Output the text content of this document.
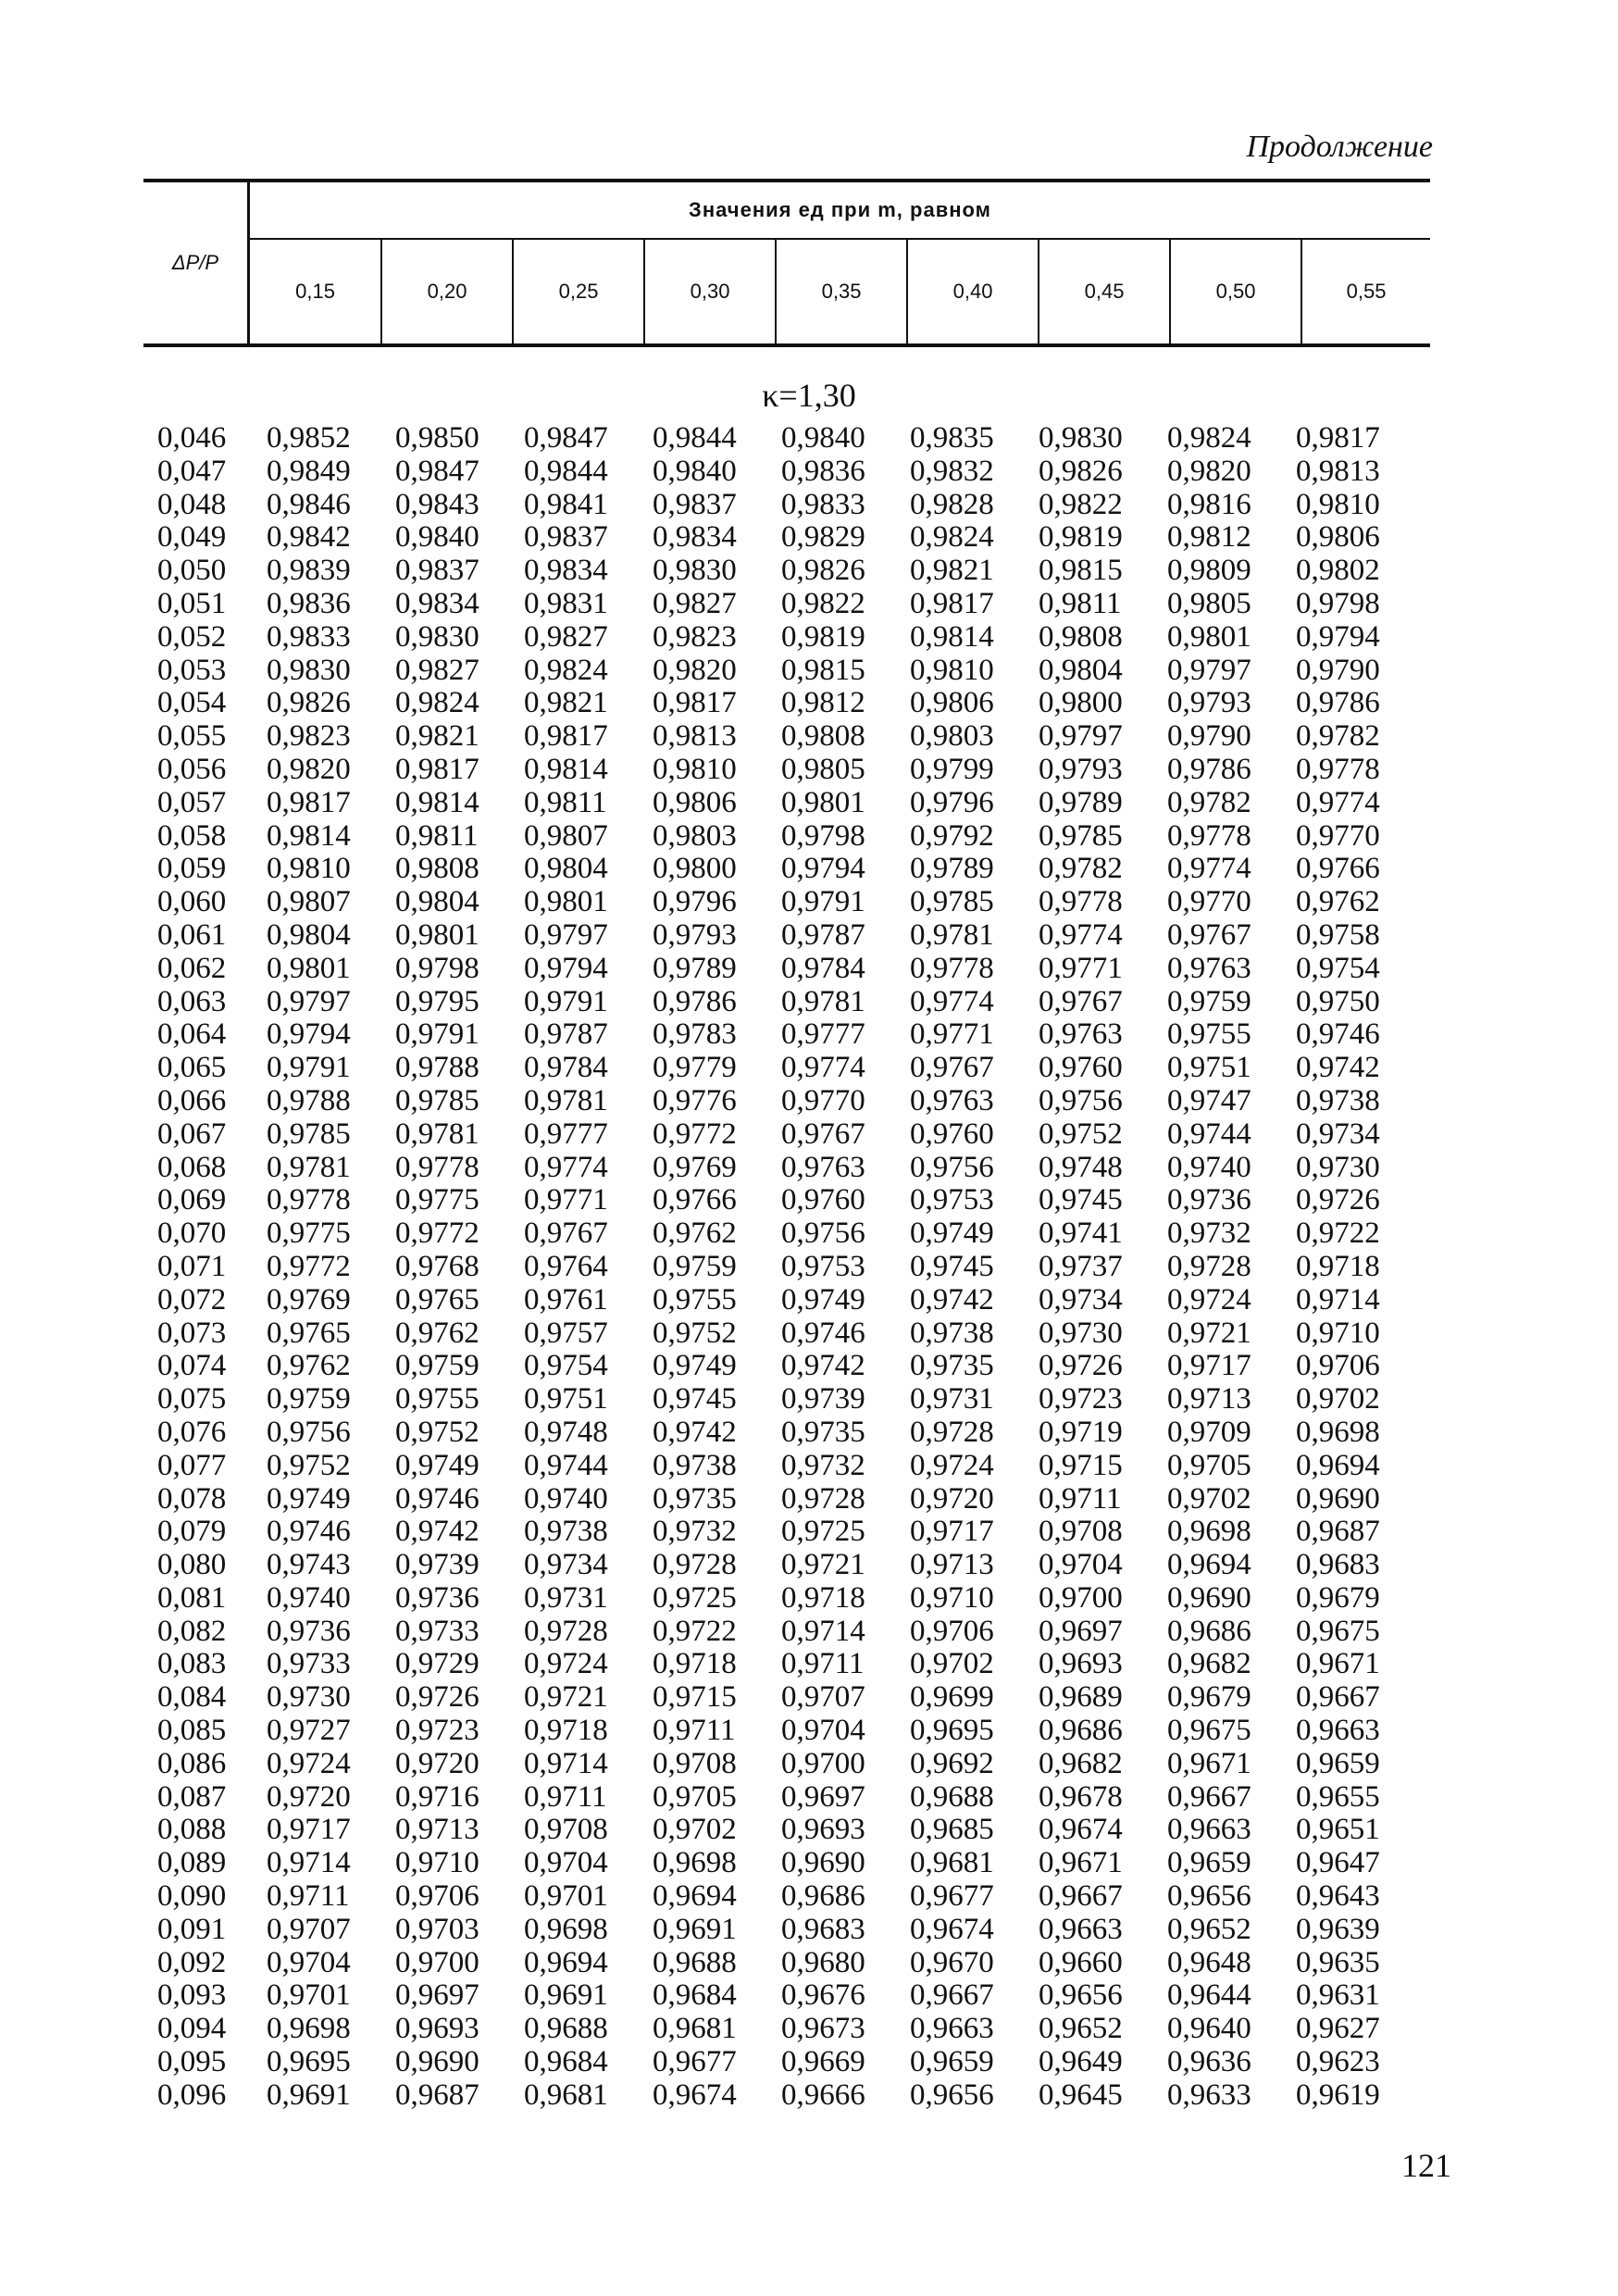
Продолжение
ΔP/P	Значения eд при m, равном								
	0,15	0,20	0,25	0,30	0,35	0,40	0,45	0,50	0,55
κ=1,30
0,046	0,9852	0,9850	0,9847	0,9844	0,9840	0,9835	0,9830	0,9824	0,9817
0,047	0,9849	0,9847	0,9844	0,9840	0,9836	0,9832	0,9826	0,9820	0,9813
0,048	0,9846	0,9843	0,9841	0,9837	0,9833	0,9828	0,9822	0,9816	0,9810
0,049	0,9842	0,9840	0,9837	0,9834	0,9829	0,9824	0,9819	0,9812	0,9806
0,050	0,9839	0,9837	0,9834	0,9830	0,9826	0,9821	0,9815	0,9809	0,9802
0,051	0,9836	0,9834	0,9831	0,9827	0,9822	0,9817	0,9811	0,9805	0,9798
0,052	0,9833	0,9830	0,9827	0,9823	0,9819	0,9814	0,9808	0,9801	0,9794
0,053	0,9830	0,9827	0,9824	0,9820	0,9815	0,9810	0,9804	0,9797	0,9790
0,054	0,9826	0,9824	0,9821	0,9817	0,9812	0,9806	0,9800	0,9793	0,9786
0,055	0,9823	0,9821	0,9817	0,9813	0,9808	0,9803	0,9797	0,9790	0,9782
0,056	0,9820	0,9817	0,9814	0,9810	0,9805	0,9799	0,9793	0,9786	0,9778
0,057	0,9817	0,9814	0,9811	0,9806	0,9801	0,9796	0,9789	0,9782	0,9774
0,058	0,9814	0,9811	0,9807	0,9803	0,9798	0,9792	0,9785	0,9778	0,9770
0,059	0,9810	0,9808	0,9804	0,9800	0,9794	0,9789	0,9782	0,9774	0,9766
0,060	0,9807	0,9804	0,9801	0,9796	0,9791	0,9785	0,9778	0,9770	0,9762
0,061	0,9804	0,9801	0,9797	0,9793	0,9787	0,9781	0,9774	0,9767	0,9758
0,062	0,9801	0,9798	0,9794	0,9789	0,9784	0,9778	0,9771	0,9763	0,9754
0,063	0,9797	0,9795	0,9791	0,9786	0,9781	0,9774	0,9767	0,9759	0,9750
0,064	0,9794	0,9791	0,9787	0,9783	0,9777	0,9771	0,9763	0,9755	0,9746
0,065	0,9791	0,9788	0,9784	0,9779	0,9774	0,9767	0,9760	0,9751	0,9742
0,066	0,9788	0,9785	0,9781	0,9776	0,9770	0,9763	0,9756	0,9747	0,9738
0,067	0,9785	0,9781	0,9777	0,9772	0,9767	0,9760	0,9752	0,9744	0,9734
0,068	0,9781	0,9778	0,9774	0,9769	0,9763	0,9756	0,9748	0,9740	0,9730
0,069	0,9778	0,9775	0,9771	0,9766	0,9760	0,9753	0,9745	0,9736	0,9726
0,070	0,9775	0,9772	0,9767	0,9762	0,9756	0,9749	0,9741	0,9732	0,9722
0,071	0,9772	0,9768	0,9764	0,9759	0,9753	0,9745	0,9737	0,9728	0,9718
0,072	0,9769	0,9765	0,9761	0,9755	0,9749	0,9742	0,9734	0,9724	0,9714
0,073	0,9765	0,9762	0,9757	0,9752	0,9746	0,9738	0,9730	0,9721	0,9710
0,074	0,9762	0,9759	0,9754	0,9749	0,9742	0,9735	0,9726	0,9717	0,9706
0,075	0,9759	0,9755	0,9751	0,9745	0,9739	0,9731	0,9723	0,9713	0,9702
0,076	0,9756	0,9752	0,9748	0,9742	0,9735	0,9728	0,9719	0,9709	0,9698
0,077	0,9752	0,9749	0,9744	0,9738	0,9732	0,9724	0,9715	0,9705	0,9694
0,078	0,9749	0,9746	0,9740	0,9735	0,9728	0,9720	0,9711	0,9702	0,9690
0,079	0,9746	0,9742	0,9738	0,9732	0,9725	0,9717	0,9708	0,9698	0,9687
0,080	0,9743	0,9739	0,9734	0,9728	0,9721	0,9713	0,9704	0,9694	0,9683
0,081	0,9740	0,9736	0,9731	0,9725	0,9718	0,9710	0,9700	0,9690	0,9679
0,082	0,9736	0,9733	0,9728	0,9722	0,9714	0,9706	0,9697	0,9686	0,9675
0,083	0,9733	0,9729	0,9724	0,9718	0,9711	0,9702	0,9693	0,9682	0,9671
0,084	0,9730	0,9726	0,9721	0,9715	0,9707	0,9699	0,9689	0,9679	0,9667
0,085	0,9727	0,9723	0,9718	0,9711	0,9704	0,9695	0,9686	0,9675	0,9663
0,086	0,9724	0,9720	0,9714	0,9708	0,9700	0,9692	0,9682	0,9671	0,9659
0,087	0,9720	0,9716	0,9711	0,9705	0,9697	0,9688	0,9678	0,9667	0,9655
0,088	0,9717	0,9713	0,9708	0,9702	0,9693	0,9685	0,9674	0,9663	0,9651
0,089	0,9714	0,9710	0,9704	0,9698	0,9690	0,9681	0,9671	0,9659	0,9647
0,090	0,9711	0,9706	0,9701	0,9694	0,9686	0,9677	0,9667	0,9656	0,9643
0,091	0,9707	0,9703	0,9698	0,9691	0,9683	0,9674	0,9663	0,9652	0,9639
0,092	0,9704	0,9700	0,9694	0,9688	0,9680	0,9670	0,9660	0,9648	0,9635
0,093	0,9701	0,9697	0,9691	0,9684	0,9676	0,9667	0,9656	0,9644	0,9631
0,094	0,9698	0,9693	0,9688	0,9681	0,9673	0,9663	0,9652	0,9640	0,9627
0,095	0,9695	0,9690	0,9684	0,9677	0,9669	0,9659	0,9649	0,9636	0,9623
0,096	0,9691	0,9687	0,9681	0,9674	0,9666	0,9656	0,9645	0,9633	0,9619
121
